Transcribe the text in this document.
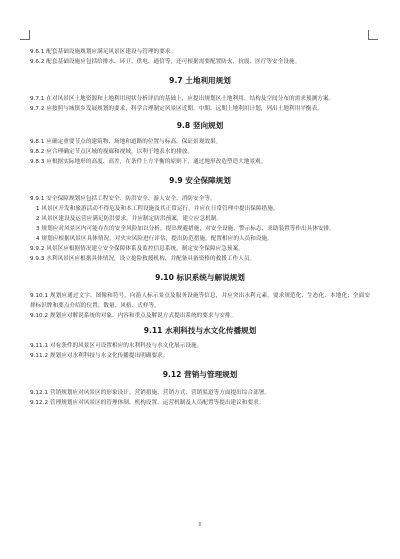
9.6.1 配套基础设施规划应满足风景区建设与管理的要求。

9.6.2 配套基础设施应包括给排水、环卫、供电、通信等，还可根据需要配置防火、抗震、医疗等安全设施。

9.7 土地利用规划

9.7.1 在对风景区土地资源和土地利用现状分析评估的基础上，应提出规划区土地利用、结构及空间分布的需求预测方案。

9.7.2 应按照与城镇乡发展规划的要求，科学合理制定风景区近期、中期、远期土地利用计划，列出土地利用平衡表。

9.8 竖向规划

9.8.1 应确定重要节点的建筑物、场地和道路的位置与标高，保证景观效果。

9.8.2 应合理确定节点区域的视廊和视域，以利于地表水的排放。

9.8.3 应根据实际地形的高度、高差，在条件上方平衡的原则下，通过地形改造塑造大地景观。

9.9 安全保障规划

9.9.1 安全保障规划应包括工程安全、防洪安全、游人安全、消防安全等。

1 风景区开发和旅游活动不得危及和本工程设施及其正常运行，并应在日常管理中提出保障措施。

2 风景区建设及运营应满足防洪要求，并应制定防洪预案，建立应急机制。

3 规划应对风景区内可能存在的安全风险加以分析，提出规避措施，对安全设施、警示标志、求助装置等作出具体安排。

4 规划应根据风景区具体情况，对火灾风险进行评估，提出防范措施，配置相应的人员和设施。

9.9.2 风景区应根据情况建立安全保障体系及监控信息系统，制定安全保障应急预案。

9.9.3 水利风景区应根据具体情况，设立抢险救援机构，并配备具备资格的救援工作人员。

9.10 标识系统与解说规划

9.10.1 规划应通过文字、图像和符号，向游人标示景点及服务设施等信息，并应突出水利元素，要求规范化、生态化、本地化；全面安排标识牌和要点介绍的位置、数量、风格、式样等。

9.10.2 规划应对解说系统的对象、内容和重点及解说方式提出系统的要求与安排。

9.11 水利科技与水文化传播规划

9.11.1 对有条件的风景区可设置相应的水利科技与水文化展示设施。

9.11.2 规划应对水利科技与水文化传播提出明确要求。

9.12 营销与管理规划

9.12.1 营销规划应对风景区的形象设计、营销措施、营销方式、营销渠道等方面提出综合部署。

9.12.2 管理规划应对风景区的管理体制、机构设置、运营机制及人员配置等提出建议和要求。

8
